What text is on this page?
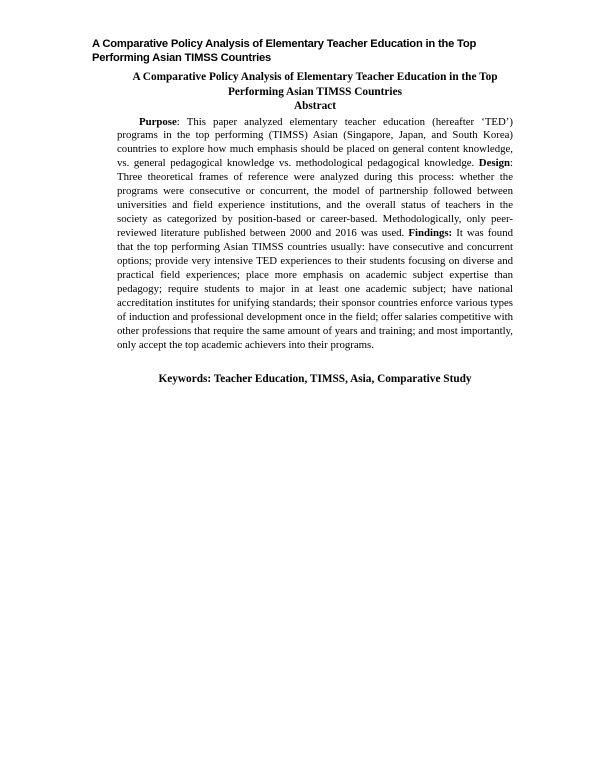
A Comparative Policy Analysis of Elementary Teacher Education in the Top Performing Asian TIMSS Countries
A Comparative Policy Analysis of Elementary Teacher Education in the Top Performing Asian TIMSS Countries
Abstract

Purpose: This paper analyzed elementary teacher education (hereafter ‘TED’) programs in the top performing (TIMSS) Asian (Singapore, Japan, and South Korea) countries to explore how much emphasis should be placed on general content knowledge, vs. general pedagogical knowledge vs. methodological pedagogical knowledge. Design: Three theoretical frames of reference were analyzed during this process: whether the programs were consecutive or concurrent, the model of partnership followed between universities and field experience institutions, and the overall status of teachers in the society as categorized by position-based or career-based. Methodologically, only peer-reviewed literature published between 2000 and 2016 was used. Findings: It was found that the top performing Asian TIMSS countries usually: have consecutive and concurrent options; provide very intensive TED experiences to their students focusing on diverse and practical field experiences; place more emphasis on academic subject expertise than pedagogy; require students to major in at least one academic subject; have national accreditation institutes for unifying standards; their sponsor countries enforce various types of induction and professional development once in the field; offer salaries competitive with other professions that require the same amount of years and training; and most importantly, only accept the top academic achievers into their programs.

Keywords: Teacher Education, TIMSS, Asia, Comparative Study
